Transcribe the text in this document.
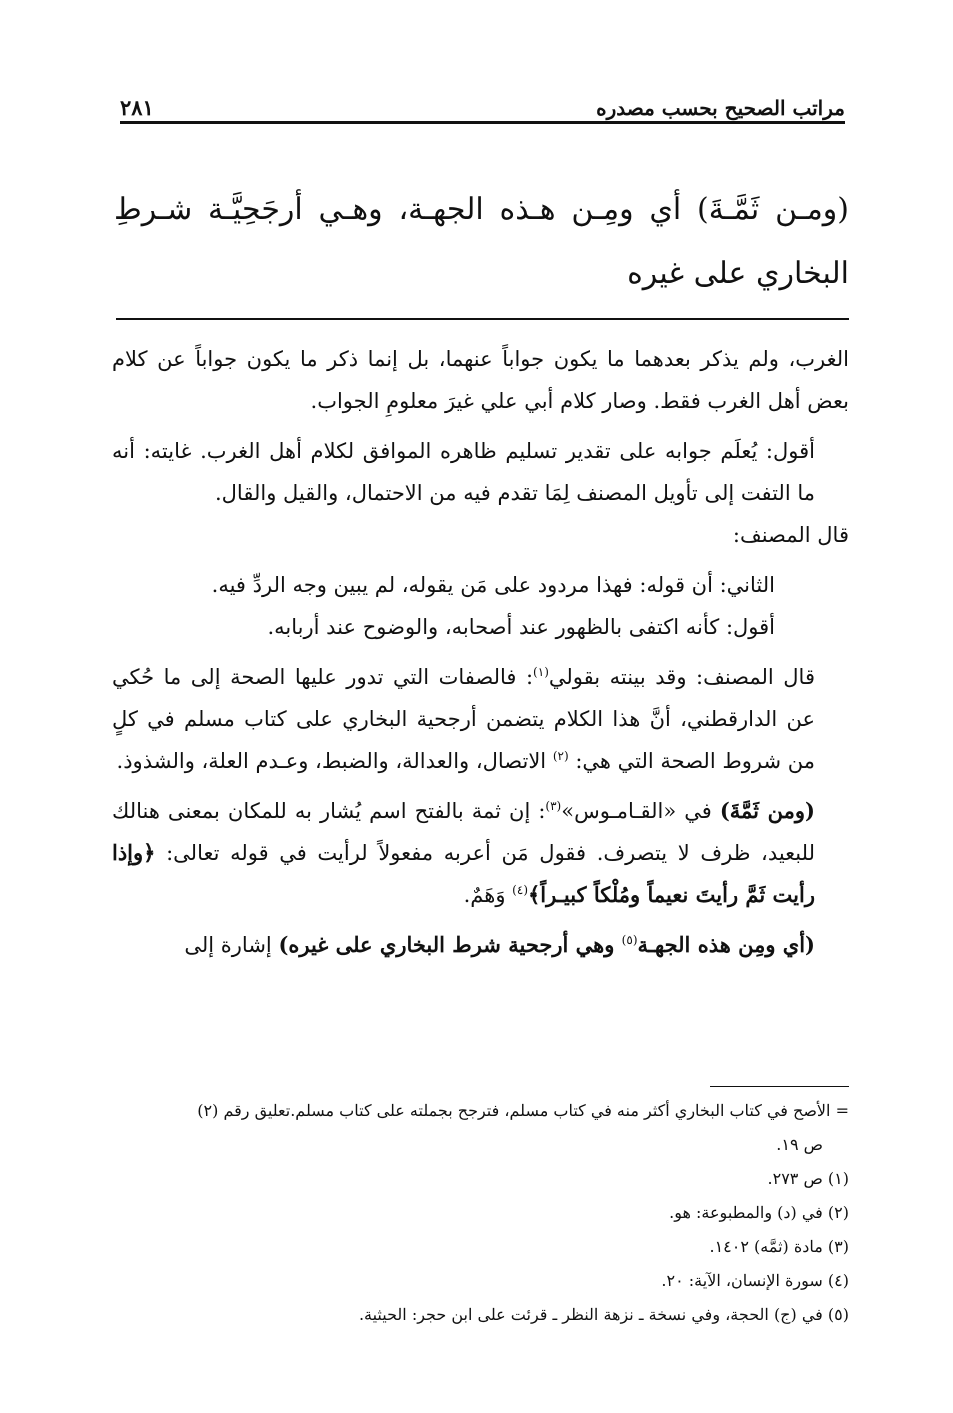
مراتب الصحيح بحسب مصدره
٢٨١
(ومـن ثَمَّـةَ) أي ومِـن هـذه الجهـة، وهـي أرجَحِيَّـة شـرطِ البخاري على غيره

الغرب، ولم يذكر بعدهما ما يكون جواباً عنهما، بل إنما ذكر ما يكون جواباً عن كلام بعض أهل الغرب فقط. وصار كلام أبي علي غيرَ معلومِ الجواب.

أقول: يُعلَم جوابه على تقدير تسليم ظاهره الموافق لكلام أهل الغرب. غايته: أنه ما التفت إلى تأويل المصنف لِمَا تقدم فيه من الاحتمال، والقيل والقال.

قال المصنف:

الثاني: أن قوله: فهذا مردود على مَن يقوله، لم يبين وجه الردِّ فيه.

أقول: كأنه اكتفى بالظهور عند أصحابه، والوضوح عند أربابه.

قال المصنف: وقد بينته بقولي$^{(١)}$: فالصفات التي تدور عليها الصحة إلى ما حُكي عن الدارقطني، أنَّ هذا الكلام يتضمن أرجحية البخاري على كتاب مسلم في كلٍ من شروط الصحة التي هي: $^{(٢)}$ الاتصال، والعدالة، والضبط، وعـدم العلة، والشذوذ.

(ومن ثَمَّةَ) في «القـامـوس»$^{(٣)}$: إن ثمة بالفتح اسم يُشار به للمكان بمعنى هنالك للبعيد، ظرف لا يتصرف. فقول مَن أعربه مفعولاً لرأيت في قوله تعالى: ﴿وإذا رأيت ثَمَّ رأيتَ نعيماً ومُلْكاً كبيـراً﴾$^{(٤)}$ وَهَمٌ.

(أي ومِن هذه الجهـة$^{(٥)}$ وهي أرجحية شرط البخاري على غيره) إشارة إلى

= الأصح في كتاب البخاري أكثر منه في كتاب مسلم، فترجح بجملته على كتاب مسلم.تعليق رقم (٢)

ص ١٩.

(١) ص ٢٧٣.

(٢) في (د) والمطبوعة: هو.

(٣) مادة (ثمَّه) ١٤٠٢.

(٤) سورة الإنسان، الآية: ٢٠.

(٥) في (ج) الحجة، وفي نسخة ـ نزهة النظر ـ قرئت على ابن حجر: الحيثية.
